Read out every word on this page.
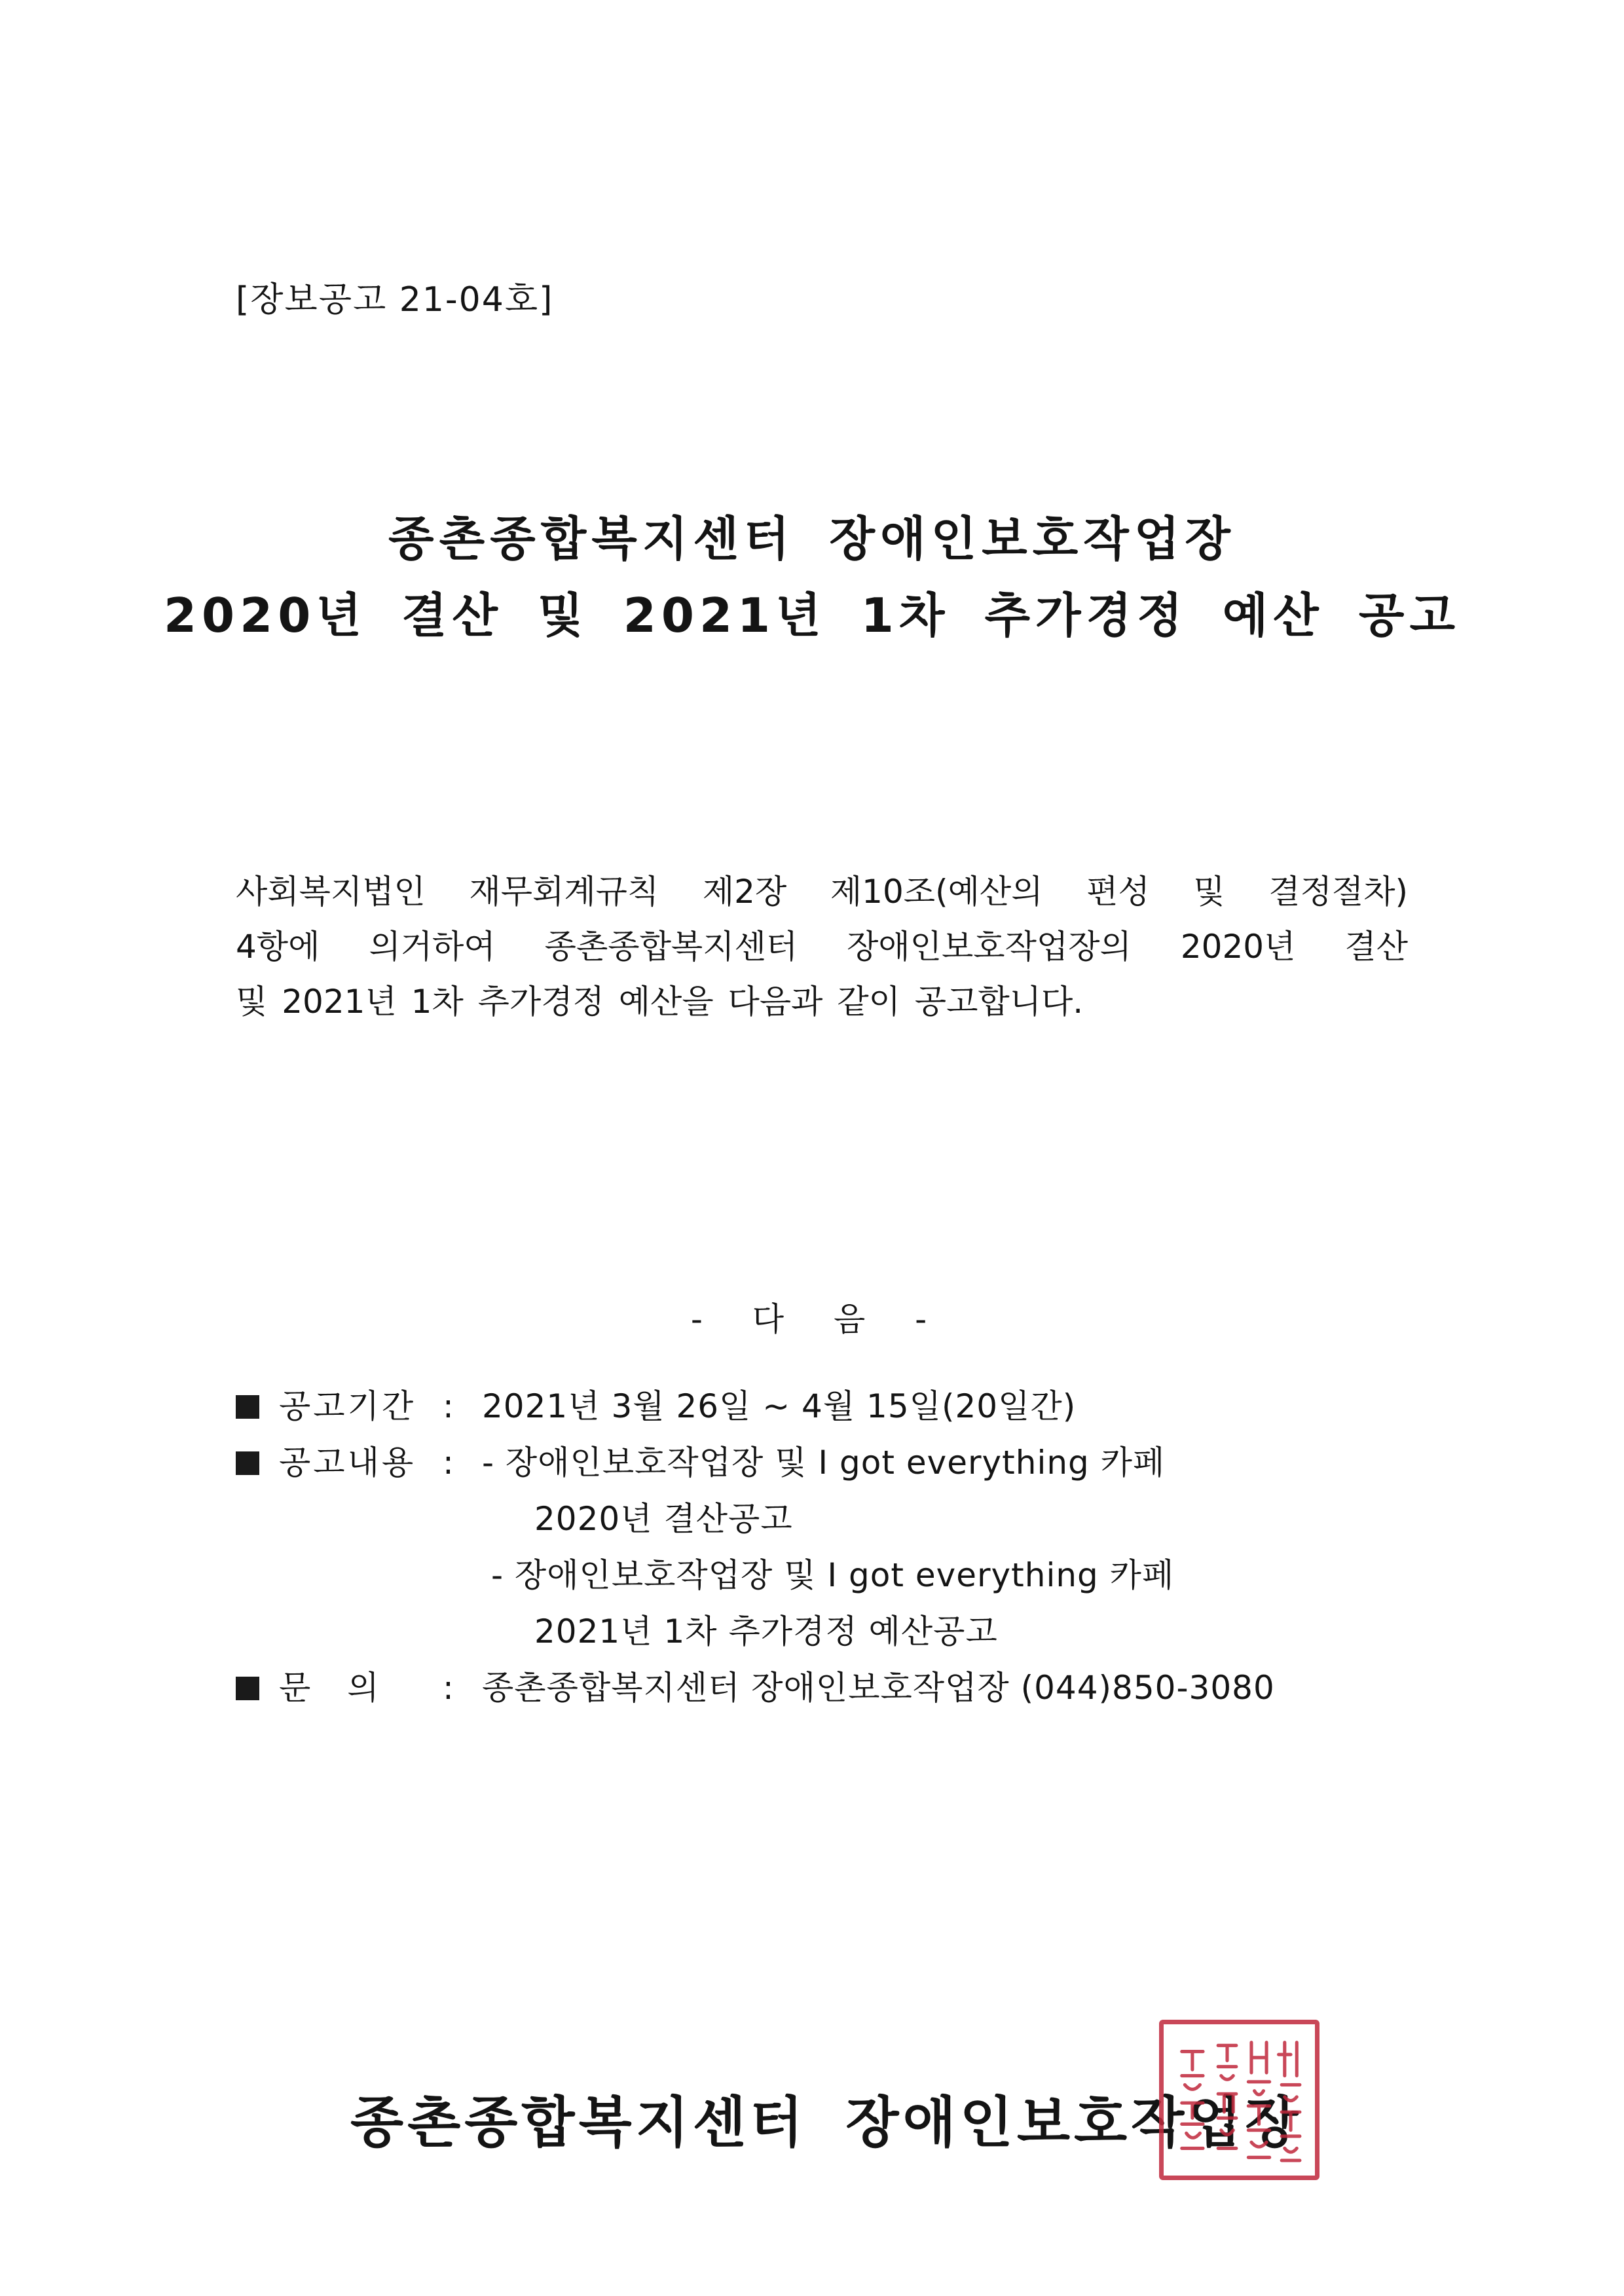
[장보공고 21-04호]
종촌종합복지센터 장애인보호작업장
2020년 결산 및 2021년 1차 추가경정 예산 공고
사회복지법인 재무회계규칙 제2장 제10조(예산의 편성 및 결정절차)
4항에 의거하여 종촌종합복지센터 장애인보호작업장의 2020년 결산
및 2021년 1차 추가경정 예산을 다음과 같이 공고합니다.
- 다 음 -
공고기간 : 2021년 3월 26일 ~ 4월 15일(20일간)
공고내용 : - 장애인보호작업장 및 I got everything 카페
2020년 결산공고
- 장애인보호작업장 및 I got everything 카페
2021년 1차 추가경정 예산공고
문의 : 종촌종합복지센터 장애인보호작업장 (044)850-3080
종촌종합복지센터 장애인보호작업장
